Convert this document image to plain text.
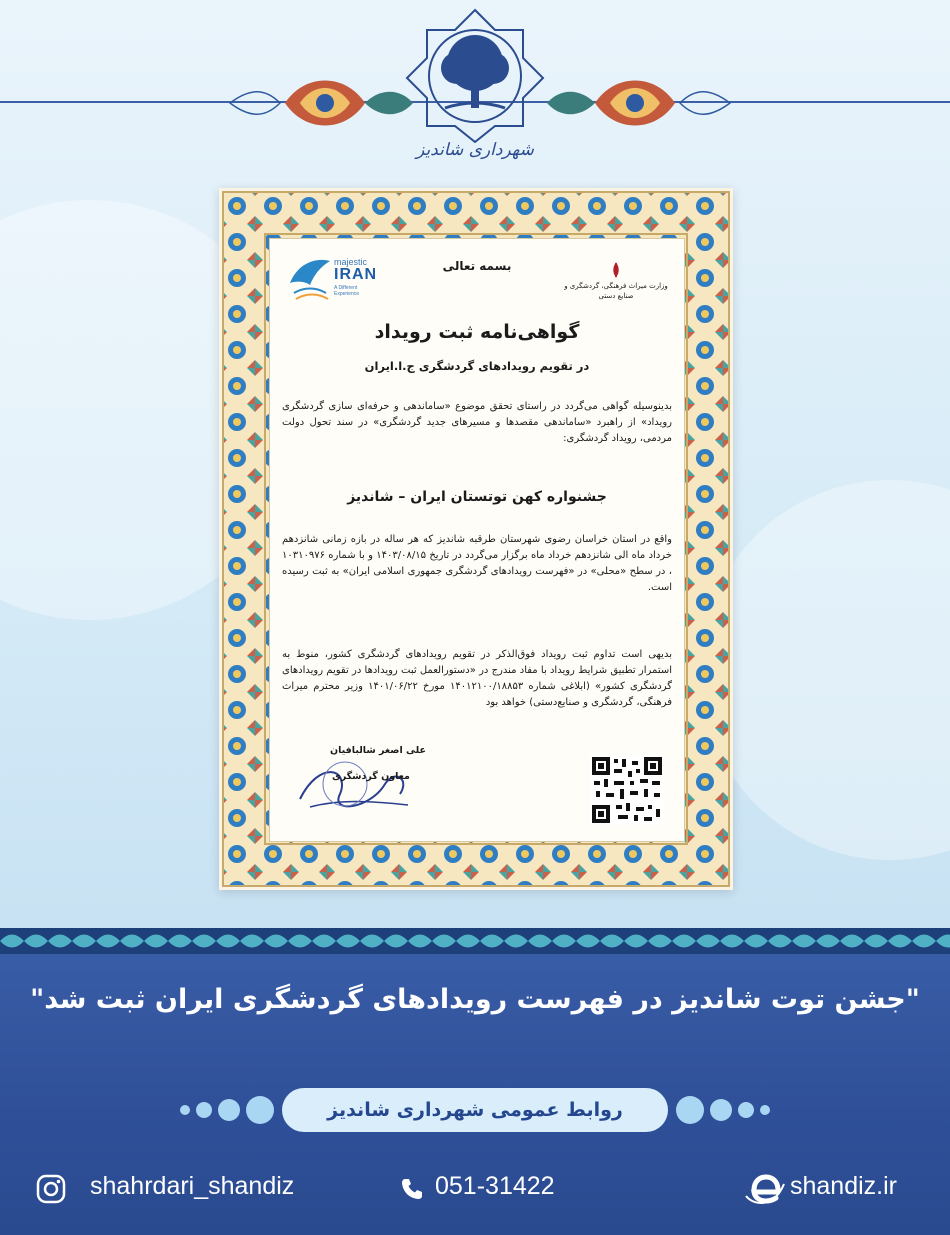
شهرداری شاندیز
majestic
IRAN
A Different Experience
بسمه تعالی
وزارت میراث فرهنگی، گردشگری و صنایع دستی
گواهی‌نامه ثبت رویداد
در تقویم رویدادهای گردشگری ج.ا.ایران
بدینوسیله گواهی می‌گردد در راستای تحقق موضوع «ساماندهی و حرفه‌ای سازی گردشگری رویداد» از راهبرد «ساماندهی مقصدها و مسیرهای جدید گردشگری» در سند تحول دولت مردمی، رویداد گردشگری:
جشنواره کهن توتستان ایران – شاندیز
واقع در استان خراسان رضوی شهرستان طرقبه شاندیز که هر ساله در بازه زمانی شانزدهم خرداد ماه الی شانزدهم خرداد ماه برگزار می‌گردد در تاریخ ۱۴۰۳/۰۸/۱۵ و با شماره ۱۰۳۱۰۹۷۶ ، در سطح «محلی» در «فهرست رویدادهای گردشگری جمهوری اسلامی ایران» به ثبت رسیده است.
بدیهی است تداوم ثبت رویداد فوق‌الذکر در تقویم رویدادهای گردشگری کشور، منوط به استمرار تطبیق شرایط رویداد با مفاد مندرج در «دستورالعمل ثبت رویدادها در تقویم رویدادهای گردشگری کشور» (ابلاغی شماره ۱۴۰۱۲۱۰۰/۱۸۸۵۳ مورخ ۱۴۰۱/۰۶/۲۲ وزیر محترم میراث فرهنگی، گردشگری و صنایع‌دستی) خواهد بود
علی اصغر شالبافیان
معاون گردشگری
"جشن توت شاندیز در فهرست رویدادهای گردشگری ایران ثبت شد"
روابط عمومی شهرداری شاندیز
shahrdari_shandiz	051-31422	shandiz.ir
